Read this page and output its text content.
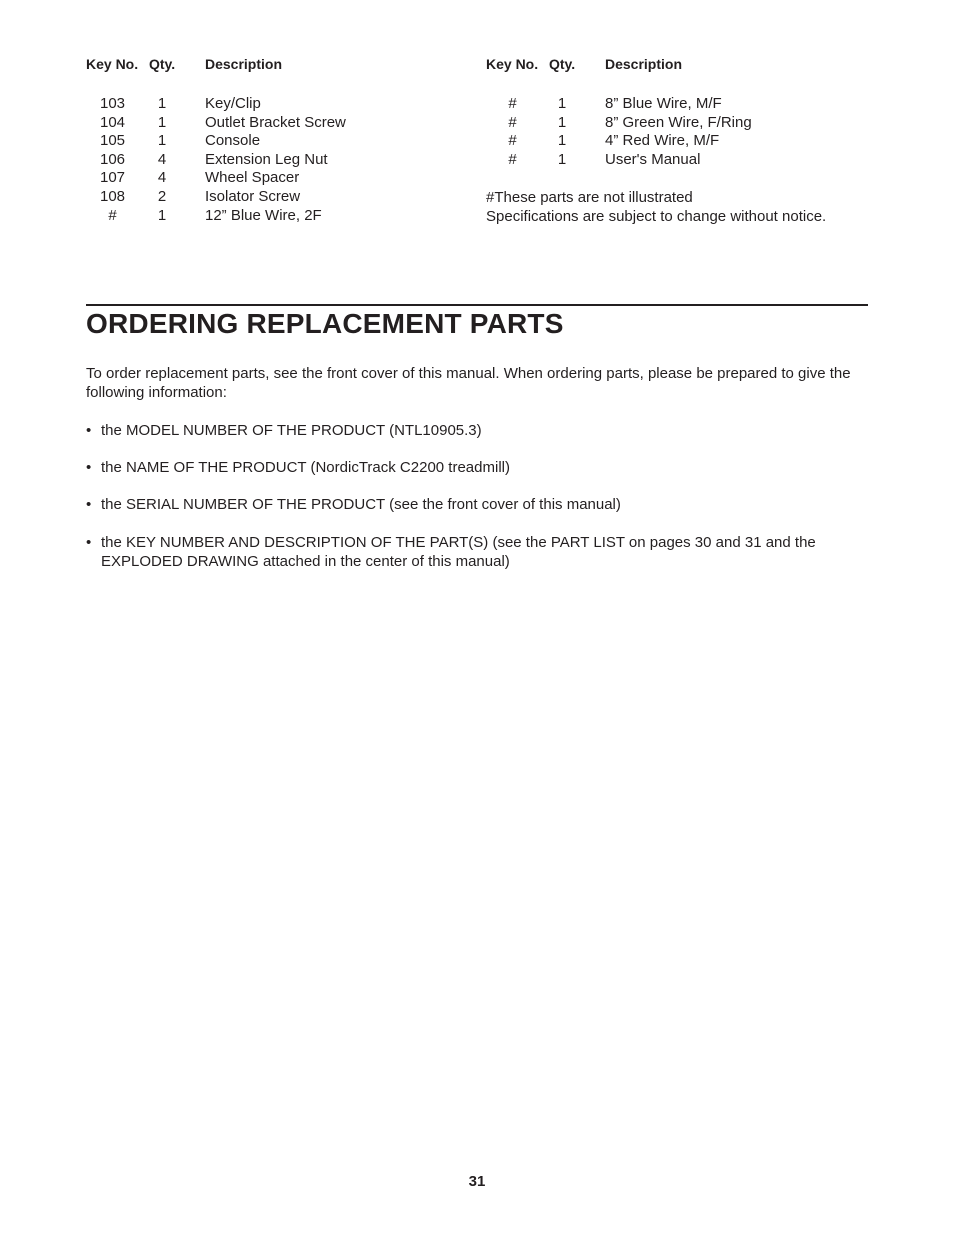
Key No. Qty. Description
103	1	Key/Clip
104	1	Outlet Bracket Screw
105	1	Console
106	4	Extension Leg Nut
107	4	Wheel Spacer
108	2	Isolator Screw
#	1	12” Blue Wire, 2F
Key No. Qty. Description
#	1	8” Blue Wire, M/F
#	1	8” Green Wire, F/Ring
#	1	4” Red Wire, M/F
#	1	User's Manual
#These parts are not illustrated
Specifications are subject to change without notice.
ORDERING REPLACEMENT PARTS

To order replacement parts, see the front cover of this manual. When ordering parts, please be prepared to give the following information:

• the MODEL NUMBER OF THE PRODUCT (NTL10905.3)
• the NAME OF THE PRODUCT (NordicTrack C2200 treadmill)
• the SERIAL NUMBER OF THE PRODUCT (see the front cover of this manual)
• the KEY NUMBER AND DESCRIPTION OF THE PART(S) (see the PART LIST on pages 30 and 31 and the EXPLODED DRAWING attached in the center of this manual)
31
